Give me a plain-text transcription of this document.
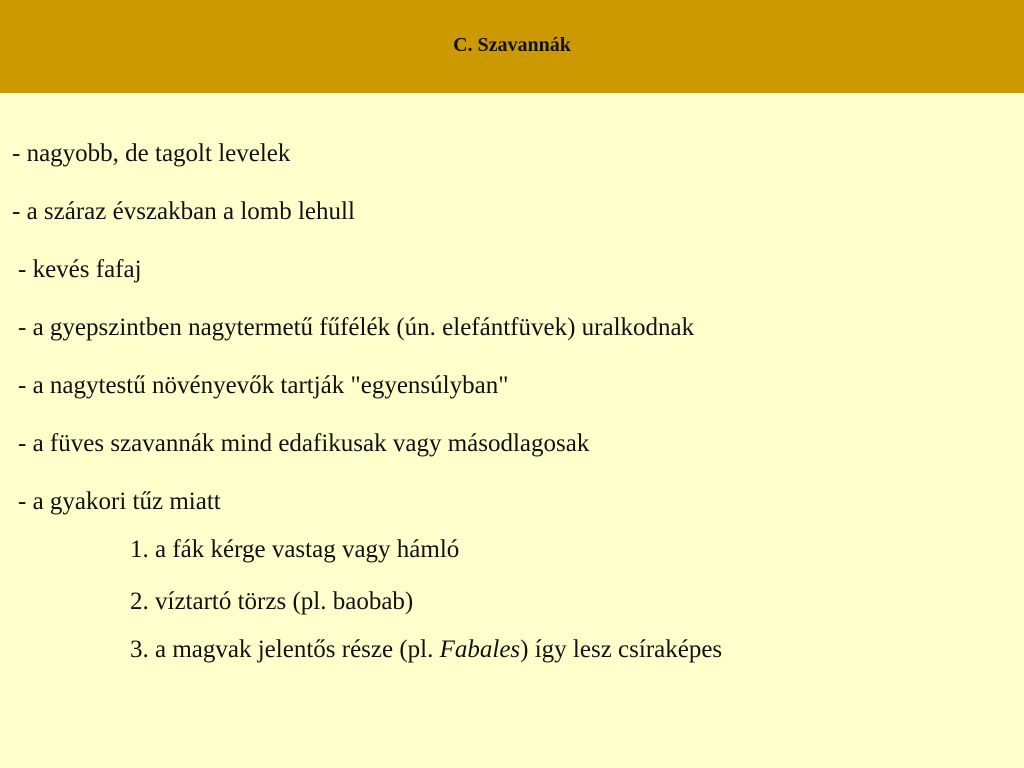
C. Szavannák
- nagyobb, de tagolt levelek
- a száraz évszakban a lomb lehull
- kevés fafaj
- a gyepszintben nagytermetű fűfélék (ún. elefántfüvek) uralkodnak
- a nagytestű növényevők tartják "egyensúlyban"
- a füves szavannák mind edafikusak vagy másodlagosak
- a gyakori tűz miatt
1. a fák kérge vastag vagy hámló
2. víztartó törzs (pl. baobab)
3. a magvak jelentős része (pl. Fabales) így lesz csíraképes
